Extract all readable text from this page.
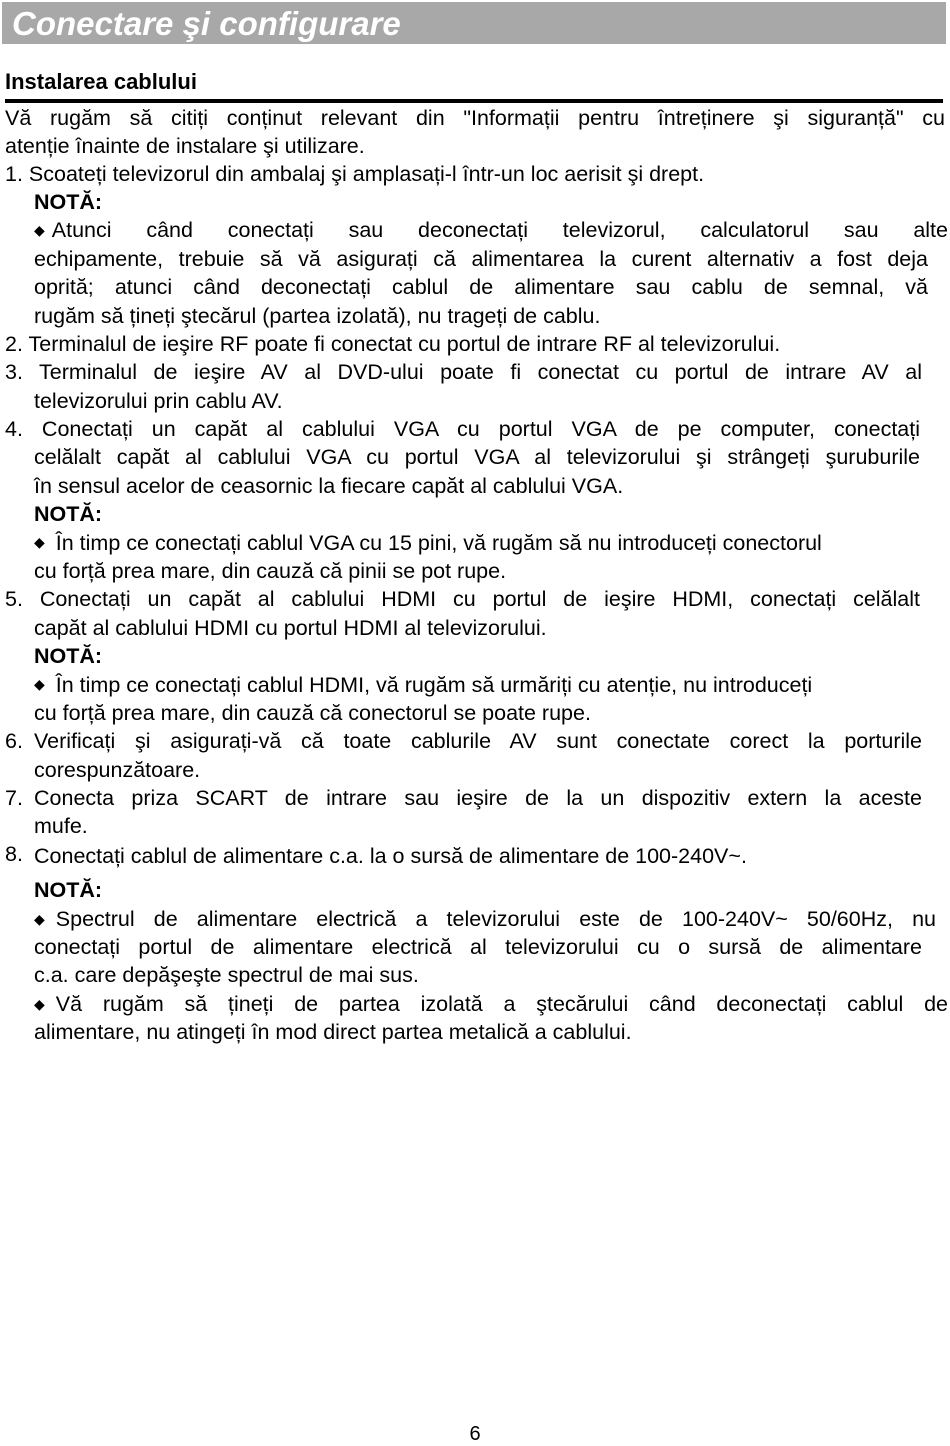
Conectare şi configurare
Instalarea cablului
Vă rugăm să citiți conținut relevant din "Informații pentru întreținere şi siguranță" cu
atenție înainte de instalare şi utilizare.
1. Scoateți televizorul din ambalaj şi amplasați-l într-un loc aerisit şi drept.
NOTĂ:
◆ Atunci când conectați sau deconectați televizorul, calculatorul sau alte
echipamente, trebuie să vă asigurați că alimentarea la curent alternativ a fost deja
oprită; atunci când deconectați cablul de alimentare sau cablu de semnal, vă
rugăm să țineți ştecărul (partea izolată), nu trageți de cablu.
2. Terminalul de ieşire RF poate fi conectat cu portul de intrare RF al televizorului.
3. Terminalul de ieşire AV al DVD-ului poate fi conectat cu portul de intrare AV al
televizorului prin cablu AV.
4. Conectați un capăt al cablului VGA cu portul VGA de pe computer, conectați
celălalt capăt al cablului VGA cu portul VGA al televizorului şi strângeți şuruburile
în sensul acelor de ceasornic la fiecare capăt al cablului VGA.
NOTĂ:
◆ În timp ce conectați cablul VGA cu 15 pini, vă rugăm să nu introduceți conectorul
cu forță prea mare, din cauză că pinii se pot rupe.
5. Conectați un capăt al cablului HDMI cu portul de ieşire HDMI, conectați celălalt
capăt al cablului HDMI cu portul HDMI al televizorului.
NOTĂ:
◆ În timp ce conectați cablul HDMI, vă rugăm să urmăriți cu atenție, nu introduceți
cu forță prea mare, din cauză că conectorul se poate rupe.
6. Verificați şi asigurați-vă că toate cablurile AV sunt conectate corect la porturile
corespunzătoare.
7. Conecta priza SCART de intrare sau ieşire de la un dispozitiv extern la aceste
mufe.
8. Conectați cablul de alimentare c.a. la o sursă de alimentare de 100-240V~.
NOTĂ:
◆ Spectrul de alimentare electrică a televizorului este de 100-240V~ 50/60Hz, nu
conectați portul de alimentare electrică al televizorului cu o sursă de alimentare
c.a. care depăşeşte spectrul de mai sus.
◆ Vă rugăm să țineți de partea izolată a ştecărului când deconectați cablul de
alimentare, nu atingeți în mod direct partea metalică a cablului.
6
